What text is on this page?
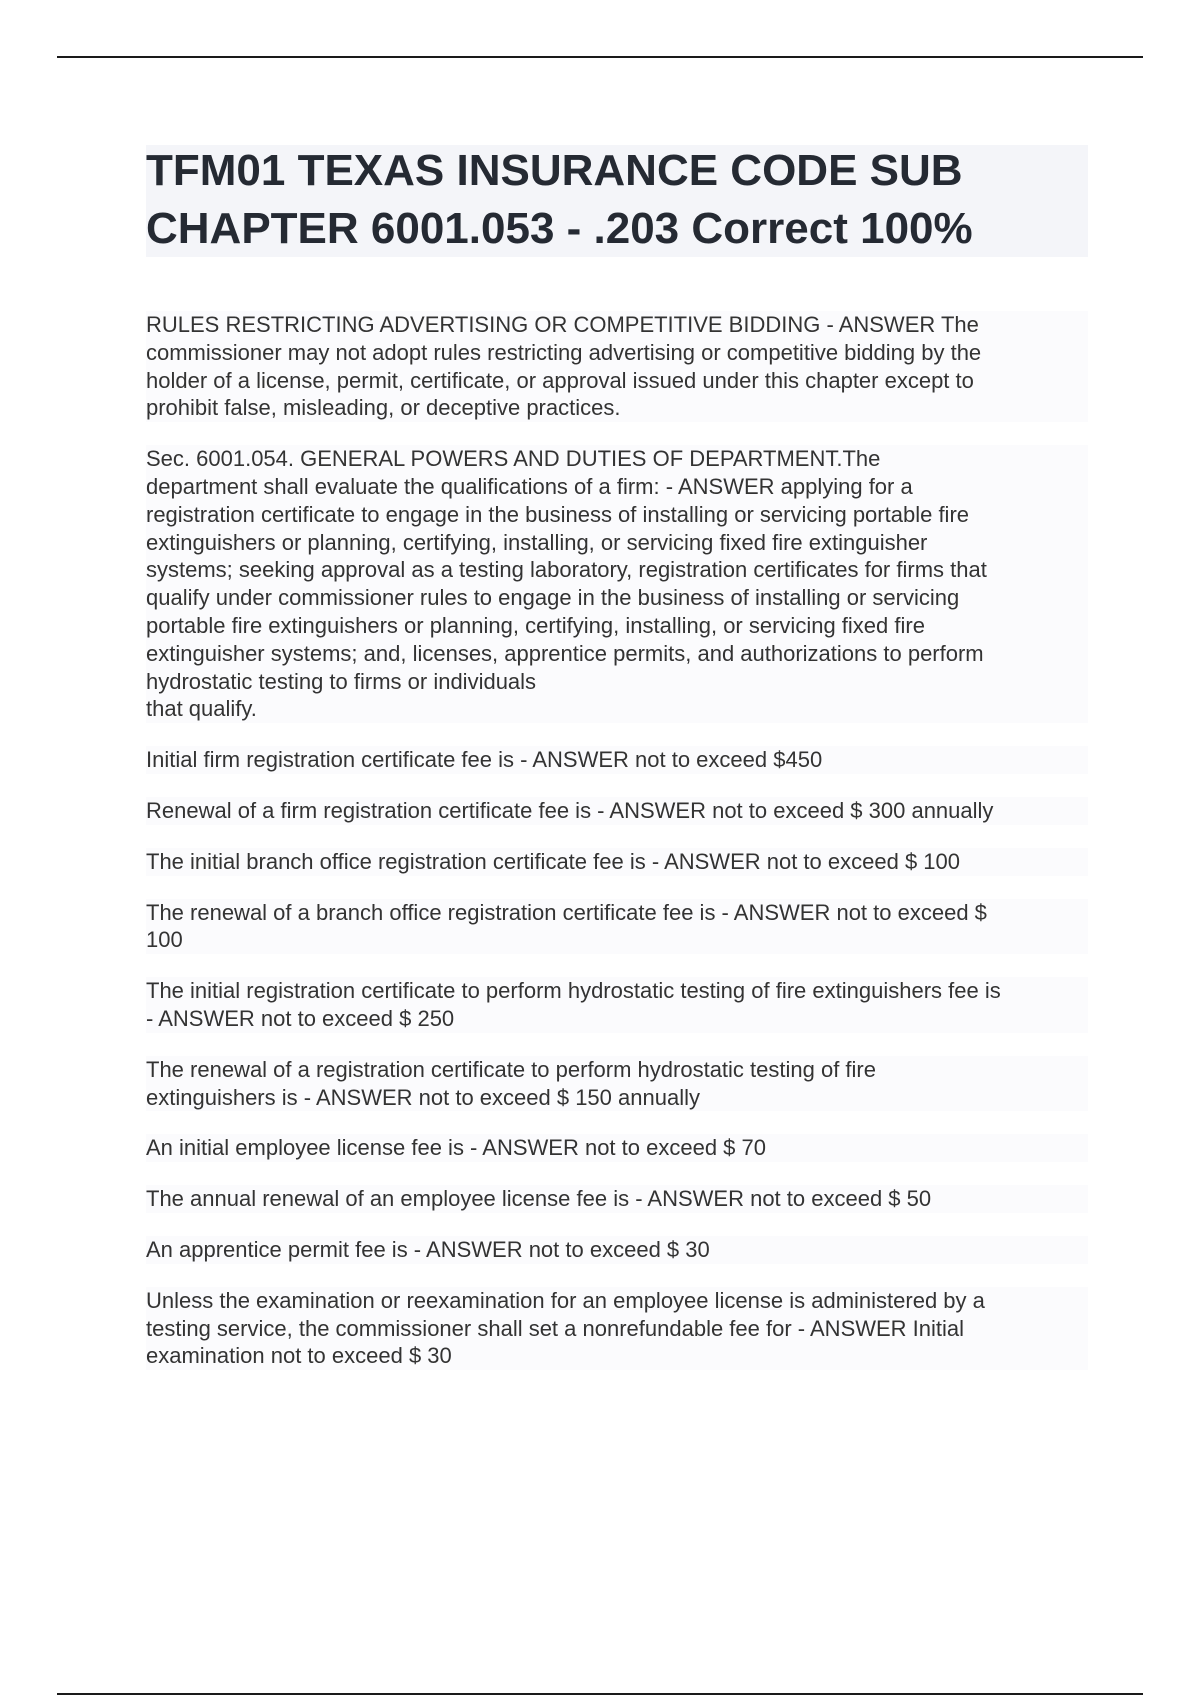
TFM01 TEXAS INSURANCE CODE SUB
CHAPTER 6001.053 - .203 Correct 100%

RULES RESTRICTING ADVERTISING OR COMPETITIVE BIDDING - ANSWER The
commissioner may not adopt rules restricting advertising or competitive bidding by the
holder of a license, permit, certificate, or approval issued under this chapter except to
prohibit false, misleading, or deceptive practices.

Sec. 6001.054. GENERAL POWERS AND DUTIES OF DEPARTMENT.The
department shall evaluate the qualifications of a firm: - ANSWER applying for a
registration certificate to engage in the business of installing or servicing portable fire
extinguishers or planning, certifying, installing, or servicing fixed fire extinguisher
systems; seeking approval as a testing laboratory, registration certificates for firms that
qualify under commissioner rules to engage in the business of installing or servicing
portable fire extinguishers or planning, certifying, installing, or servicing fixed fire
extinguisher systems; and, licenses, apprentice permits, and authorizations to perform
hydrostatic testing to firms or individuals
that qualify.

Initial firm registration certificate fee is - ANSWER not to exceed $450

Renewal of a firm registration certificate fee is - ANSWER not to exceed $ 300 annually

The initial branch office registration certificate fee is - ANSWER not to exceed $ 100

The renewal of a branch office registration certificate fee is - ANSWER not to exceed $
100

The initial registration certificate to perform hydrostatic testing of fire extinguishers fee is
- ANSWER not to exceed $ 250

The renewal of a registration certificate to perform hydrostatic testing of fire
extinguishers is - ANSWER not to exceed $ 150 annually

An initial employee license fee is - ANSWER not to exceed $ 70

The annual renewal of an employee license fee is - ANSWER not to exceed $ 50

An apprentice permit fee is - ANSWER not to exceed $ 30

Unless the examination or reexamination for an employee license is administered by a
testing service, the commissioner shall set a nonrefundable fee for - ANSWER Initial
examination not to exceed $ 30
